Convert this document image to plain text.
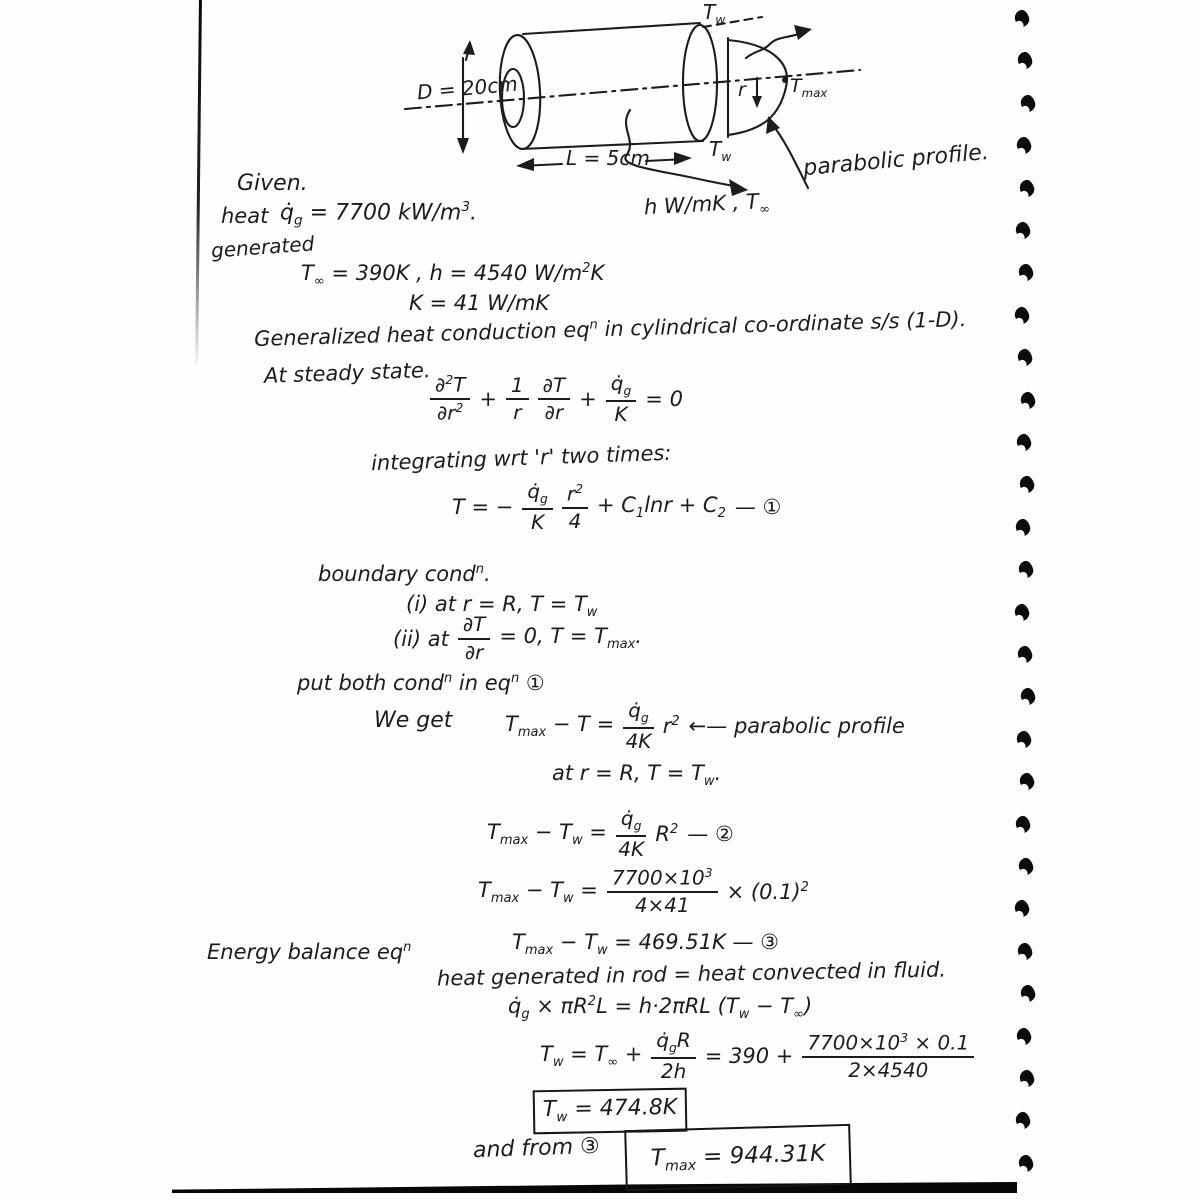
D = 20cm
L = 5cm
$T_w$
$T_w$
$T_{max}$
r
h W/mK , $T_\infty$
parabolic profile.
Given.
heat $q̇_g = 7700$ $kW/m^3$.
generated
$T_\infty = 390K$ , h = 4540 $W/m^2K$
K = 41 W/mK
Generalized heat conduction $eq^n$ in cylindrical co-ordinate s/s (1-D).
At steady state.
$\frac{\partial^2T}{\partial r^2} + \frac{1}{r} \frac{\partial T}{\partial r} + \frac{q̇_g}{K} = 0$
integrating wrt 'r' two times:
T = − $\frac{q̇_g}{K} \frac{r^2}{4} + C_1\ln r + C_2$ — ①
boundary cond$^n$.
(i) at r = R, $T = T_w$
(ii) at $\frac{\partial T}{\partial r} = 0$, $T = T_{max}$.
put both cond$^n$ in $eq^n$ ①
We get	$T_{max} - T = \frac{q̇_g}{4K} r^2$ ←— parabolic profile
at r = R, $T = T_w$.
$T_{max} - T_w = \frac{q̇_g}{4K} R^2$ — ②
$T_{max} - T_w = \frac{7700\times 10^3}{4\times 41} \times (0.1)^2$
$T_{max} - T_w = 469.51K$ — ③
Energy balance $eq^n$
heat generated in rod = heat convected in fluid.
$q̇_g \times \pi R^2L = h\cdot 2\pi RL$ $(T_w - T_\infty)$
$T_w = T_\infty + \frac{q̇_gR}{2h} = 390 + \frac{7700\times 10^3 \times 0.1}{2\times 4540}$
$T_w = 474.8K$
and from ③ $T_{max} = 944.31K$
